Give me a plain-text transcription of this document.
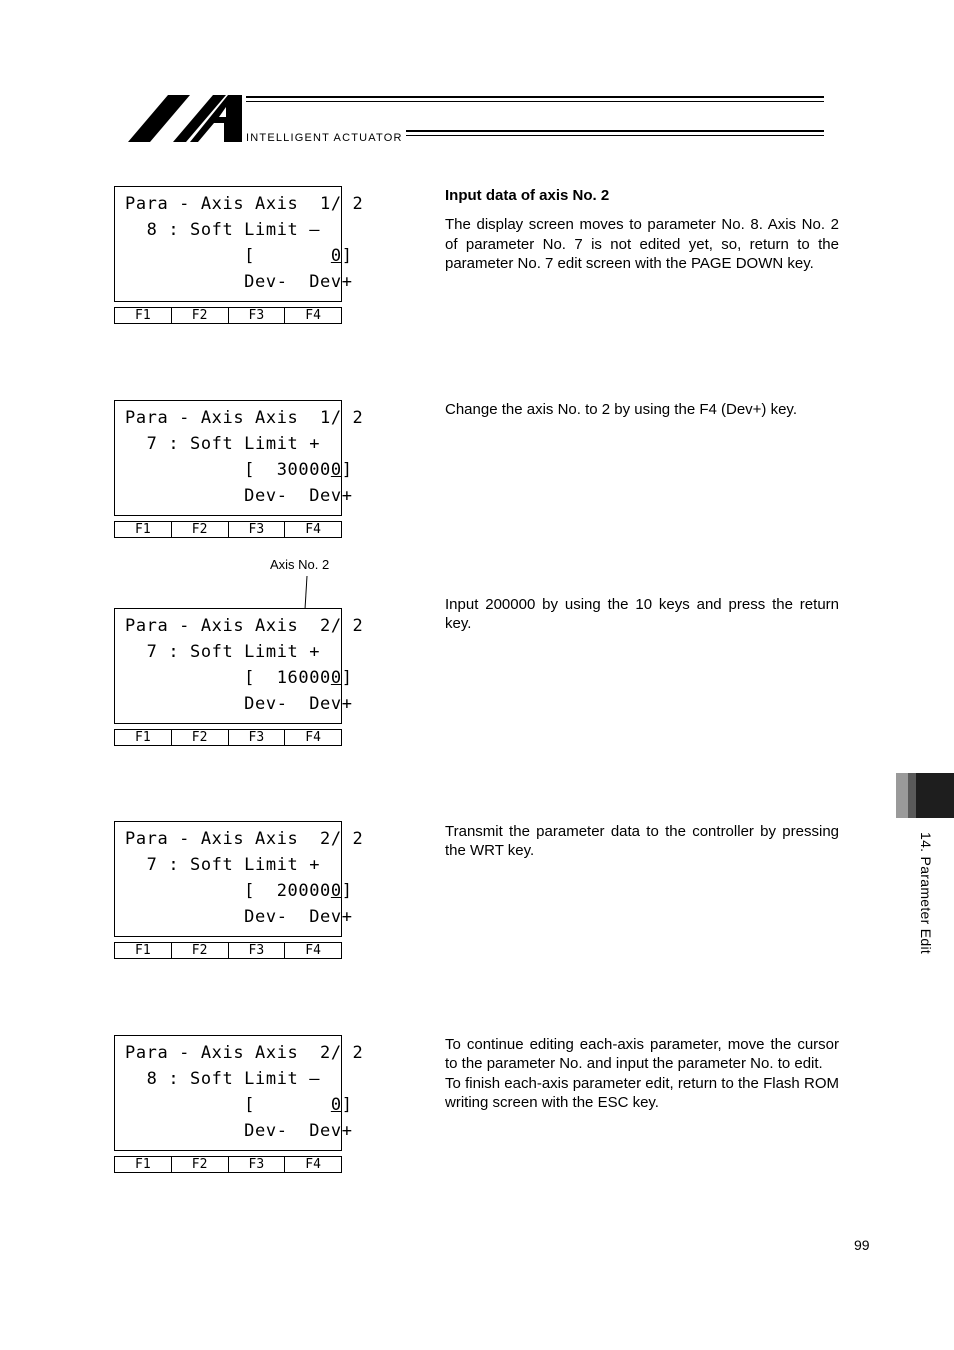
INTELLIGENT ACTUATOR
Para - Axis Axis  1/ 2
8 : Soft Limit —
[       0]
Dev-  Dev+
F1	F2	F3	F4
Para - Axis Axis  1/ 2
7 : Soft Limit +
[  300000]
Dev-  Dev+
F1	F2	F3	F4
Axis No. 2
Para - Axis Axis  2/ 2
7 : Soft Limit +
[  160000]
Dev-  Dev+
F1	F2	F3	F4
Para - Axis Axis  2/ 2
7 : Soft Limit +
[  200000]
Dev-  Dev+
F1	F2	F3	F4
Para - Axis Axis  2/ 2
8 : Soft Limit —
[       0]
Dev-  Dev+
F1	F2	F3	F4

Input data of axis No. 2

The display screen moves to parameter No. 8. Axis No. 2 of parameter No. 7 is not edited yet, so, return to the parameter No. 7 edit screen with the PAGE DOWN key.

Change the axis No. to 2 by using the F4 (Dev+) key.

Input 200000 by using the 10 keys and press the return key.

Transmit the parameter data to the controller by pressing the WRT key.

To continue editing each-axis parameter, move the cursor to the parameter No. and input the parameter No. to edit.

To finish each-axis parameter edit, return to the Flash ROM writing screen with the ESC key.

14. Parameter Edit
99
